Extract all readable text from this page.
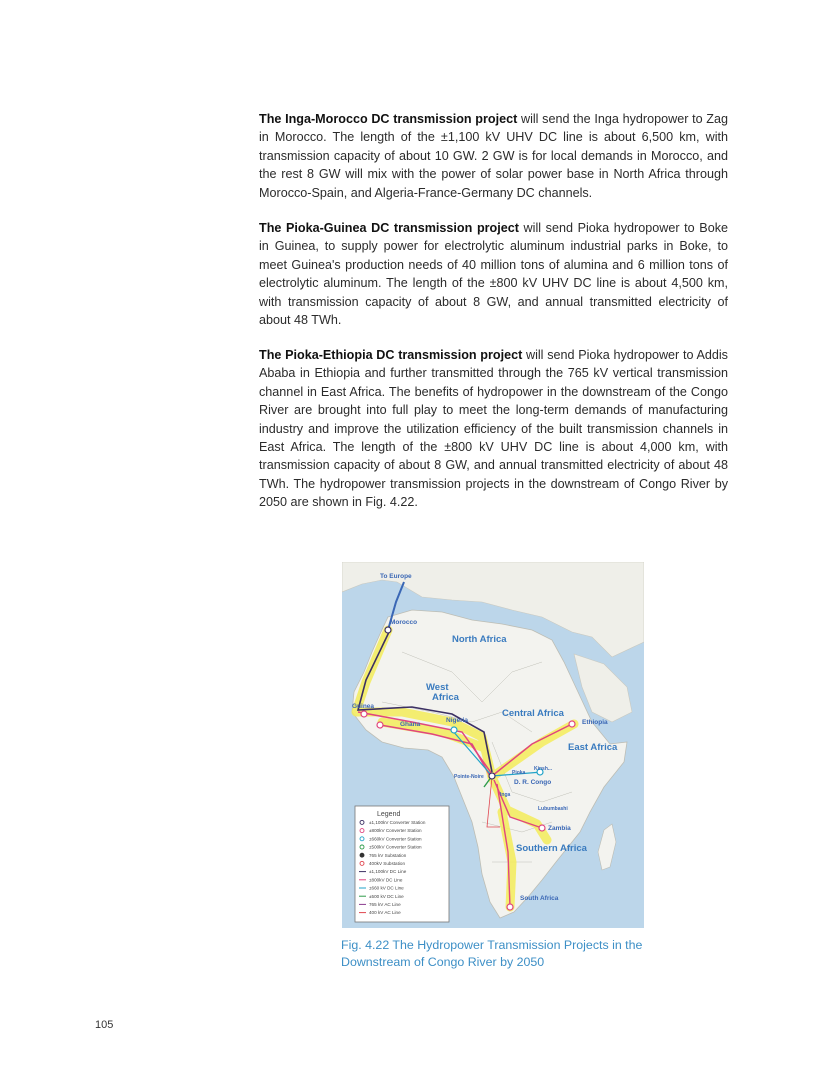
The Inga-Morocco DC transmission project will send the Inga hydropower to Zag in Morocco. The length of the ±1,100 kV UHV DC line is about 6,500 km, with transmission capacity of about 10 GW. 2 GW is for local demands in Morocco, and the rest 8 GW will mix with the power of solar power base in North Africa through Morocco-Spain, and Algeria-France-Germany DC channels.

The Pioka-Guinea DC transmission project will send Pioka hydropower to Boke in Guinea, to supply power for electrolytic aluminum industrial parks in Boke, to meet Guinea's production needs of 40 million tons of alumina and 6 million tons of electrolytic aluminum. The length of the ±800 kV UHV DC line is about 4,500 km, with transmission capacity of about 8 GW, and annual transmitted electricity of about 48 TWh.

The Pioka-Ethiopia DC transmission project will send Pioka hydropower to Addis Ababa in Ethiopia and further transmitted through the 765 kV vertical transmission channel in East Africa. The benefits of hydropower in the downstream of the Congo River are brought into full play to meet the long-term demands of manufacturing industry and improve the utilization efficiency of the built transmission channels in East Africa. The length of the ±800 kV UHV DC line is about 4,000 km, with transmission capacity of about 8 GW, and annual transmitted electricity of about 48 TWh. The hydropower transmission projects in the downstream of Congo River by 2050 are shown in Fig. 4.22.

North Africa
West
Africa
Central Africa
East Africa
Southern Africa
To Europe
Morocco
Guinea
Ghana
Nigeria	Ethiopia
Kinsh...
Inga
Pioka
D. R. Congo
Pointe-Noire
Zambia
South Africa
Lubumbashi
Legend
±1,100kV Converter Station
±800kV Converter Station
±660kV Converter Station
±500kV Converter Station
765 kV Substation
400kV Substation
±1,100kV DC Line
±800kV DC Line
±660 kV DC Line
±500 kV DC Line
765 kV AC Line
400 kV AC Line
Fig. 4.22 The Hydropower Transmission Projects in the
Downstream of Congo River by 2050
105
